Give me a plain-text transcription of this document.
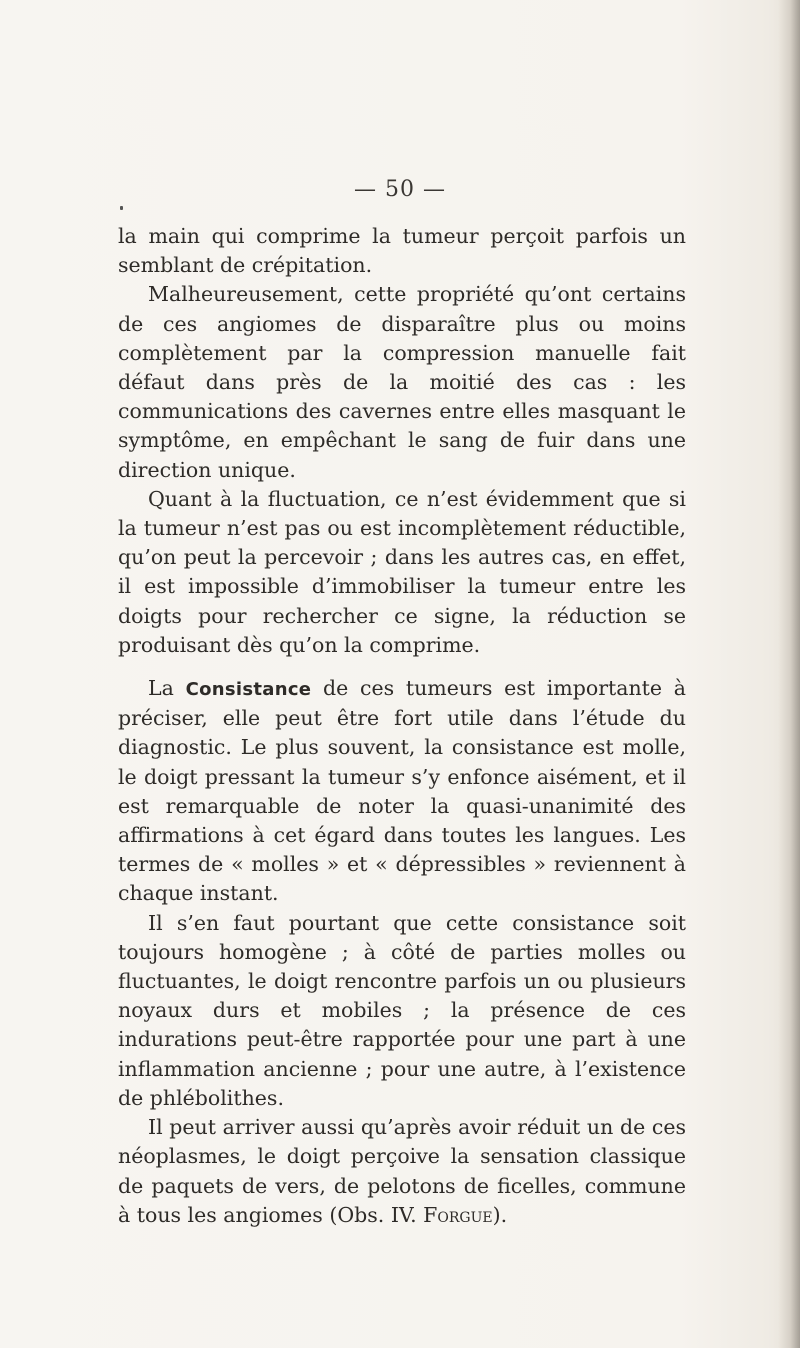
— 50 —

la main qui comprime la tumeur perçoit parfois un semblant de crépitation.

Malheureusement, cette propriété qu’ont certains de ces angiomes de disparaître plus ou moins complètement par la compression manuelle fait défaut dans près de la moitié des cas : les communications des cavernes entre elles masquant le symptôme, en empêchant le sang de fuir dans une direction unique.

Quant à la fluctuation, ce n’est évidemment que si la tumeur n’est pas ou est incomplètement réductible, qu’on peut la percevoir ; dans les autres cas, en effet, il est impossible d’immobiliser la tumeur entre les doigts pour rechercher ce signe, la réduction se produisant dès qu’on la comprime.

La Consistance de ces tumeurs est importante à préciser, elle peut être fort utile dans l’étude du diagnostic. Le plus souvent, la consistance est molle, le doigt pressant la tumeur s’y enfonce aisément, et il est remarquable de noter la quasi-unanimité des affirmations à cet égard dans toutes les langues. Les termes de « molles » et « dépressibles » reviennent à chaque instant.

Il s’en faut pourtant que cette consistance soit toujours homogène ; à côté de parties molles ou fluctuantes, le doigt rencontre parfois un ou plusieurs noyaux durs et mobiles ; la présence de ces indurations peut-être rapportée pour une part à une inflammation ancienne ; pour une autre, à l’existence de phlébolithes.

Il peut arriver aussi qu’après avoir réduit un de ces néoplasmes, le doigt perçoive la sensation classique de paquets de vers, de pelotons de ficelles, commune à tous les angiomes (Obs. IV. Forgue).
